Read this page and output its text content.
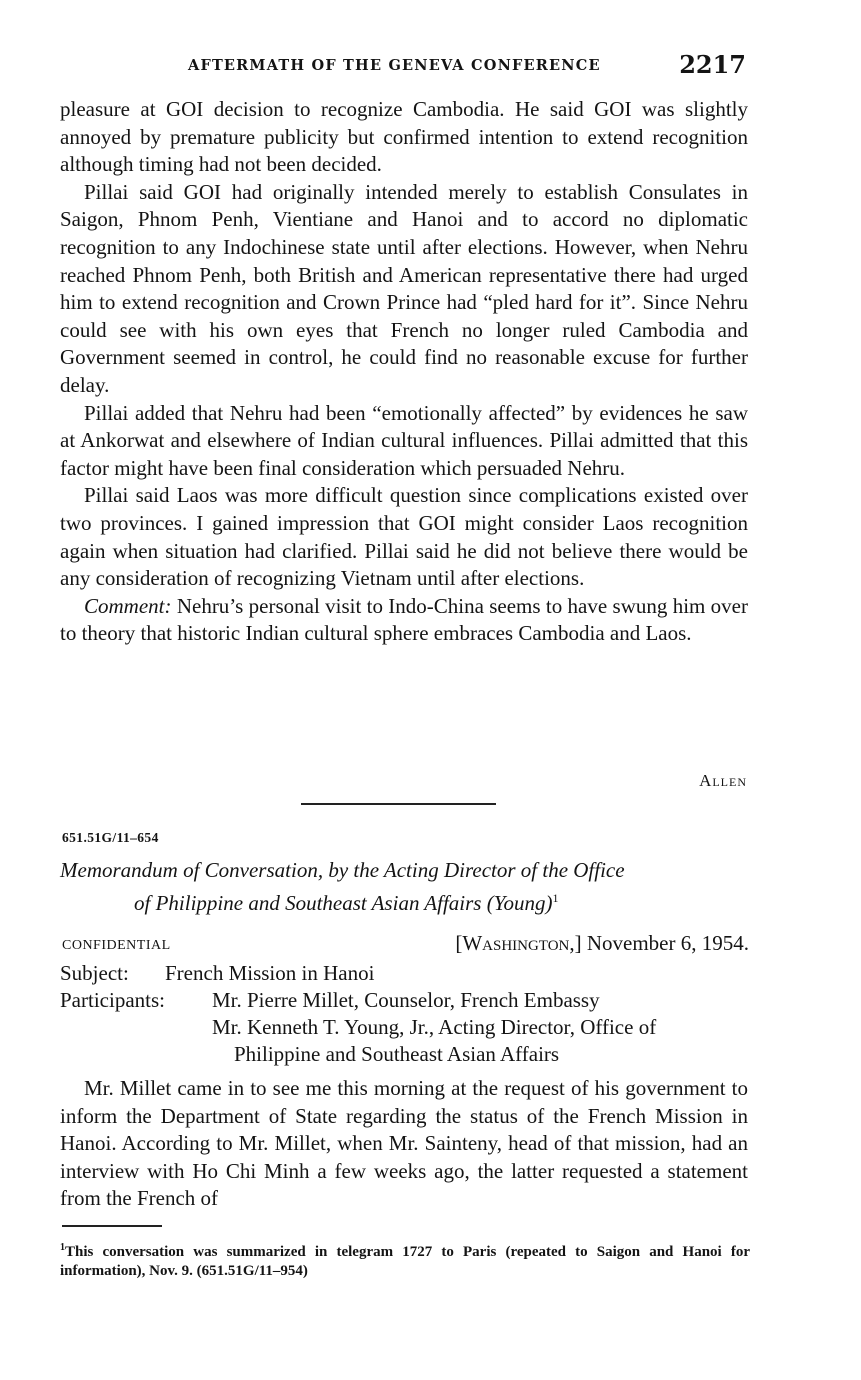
AFTERMATH OF THE GENEVA CONFERENCE	2217

pleasure at GOI decision to recognize Cambodia. He said GOI was slightly annoyed by premature publicity but confirmed intention to extend recognition although timing had not been decided.

Pillai said GOI had originally intended merely to establish Consulates in Saigon, Phnom Penh, Vientiane and Hanoi and to accord no diplomatic recognition to any Indochinese state until after elections. However, when Nehru reached Phnom Penh, both British and American representative there had urged him to extend recognition and Crown Prince had “pled hard for it”. Since Nehru could see with his own eyes that French no longer ruled Cambodia and Government seemed in control, he could find no reasonable excuse for further delay.

Pillai added that Nehru had been “emotionally affected” by evidences he saw at Ankorwat and elsewhere of Indian cultural influences. Pillai admitted that this factor might have been final consideration which persuaded Nehru.

Pillai said Laos was more difficult question since complications existed over two provinces. I gained impression that GOI might consider Laos recognition again when situation had clarified. Pillai said he did not believe there would be any consideration of recognizing Vietnam until after elections.

Comment: Nehru’s personal visit to Indo-China seems to have swung him over to theory that historic Indian cultural sphere embraces Cambodia and Laos.

Allen
651.51G/11–654
Memorandum of Conversation, by the Acting Director of the Office
of Philippine and Southeast Asian Affairs (Young)$^1$
CONFIDENTIAL	[Washington,] November 6, 1954.
Subject: French Mission in Hanoi
Participants: Mr. Pierre Millet, Counselor, French Embassy
Mr. Kenneth T. Young, Jr., Acting Director, Office of
Philippine and Southeast Asian Affairs

Mr. Millet came in to see me this morning at the request of his government to inform the Department of State regarding the status of the French Mission in Hanoi. According to Mr. Millet, when Mr. Sainteny, head of that mission, had an interview with Ho Chi Minh a few weeks ago, the latter requested a statement from the French of

$^1$This conversation was summarized in telegram 1727 to Paris (repeated to Saigon and Hanoi for information), Nov. 9. (651.51G/11–954)
